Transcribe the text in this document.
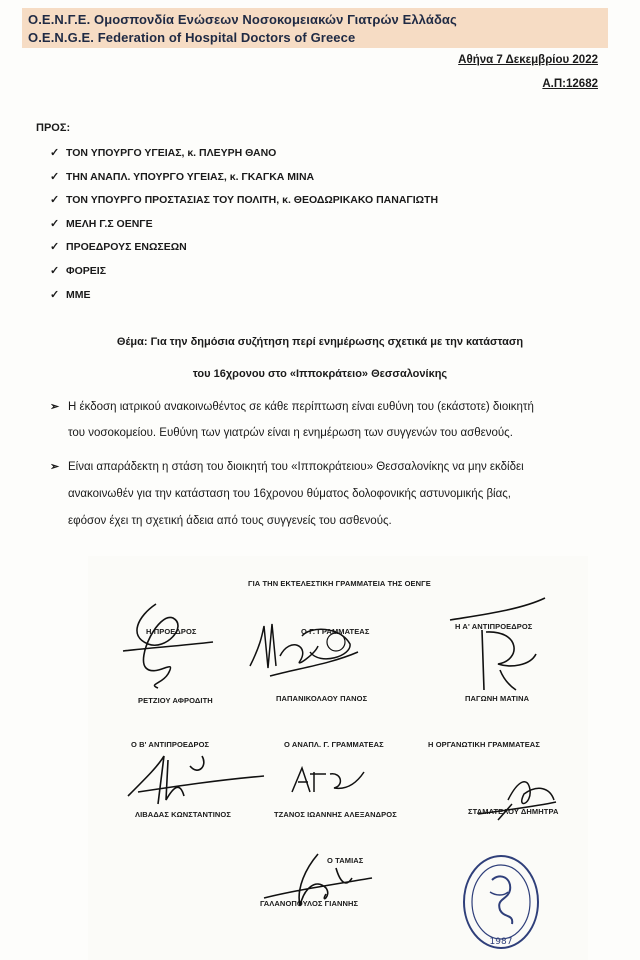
Ο.Ε.Ν.Γ.Ε. Ομοσπονδία Ενώσεων Νοσοκομειακών Γιατρών Ελλάδας
O.E.N.G.E. Federation of Hospital Doctors of Greece
Αθήνα 7 Δεκεμβρίου 2022
Α.Π:12682
ΠΡΟΣ:
✓ ΤΟΝ ΥΠΟΥΡΓΟ ΥΓΕΙΑΣ, κ. ΠΛΕΥΡΗ ΘΑΝΟ
✓ ΤΗΝ ΑΝΑΠΛ. ΥΠΟΥΡΓΟ ΥΓΕΙΑΣ, κ. ΓΚΑΓΚΑ ΜΙΝΑ
✓ ΤΟΝ ΥΠΟΥΡΓΟ ΠΡΟΣΤΑΣΙΑΣ ΤΟΥ ΠΟΛΙΤΗ, κ. ΘΕΟΔΩΡΙΚΑΚΟ ΠΑΝΑΓΙΩΤΗ
✓ ΜΕΛΗ Γ.Σ ΟΕΝΓΕ
✓ ΠΡΟΕΔΡΟΥΣ ΕΝΩΣΕΩΝ
✓ ΦΟΡΕΙΣ
✓ ΜΜΕ
Θέμα: Για την δημόσια συζήτηση περί ενημέρωσης σχετικά με την κατάσταση
του 16χρονου στο «Ιπποκράτειο» Θεσσαλονίκης
➢ Η έκδοση ιατρικού ανακοινωθέντος σε κάθε περίπτωση είναι ευθύνη του (εκάστοτε) διοικητή
του νοσοκομείου. Ευθύνη των γιατρών είναι η ενημέρωση των συγγενών του ασθενούς.
➢ Είναι απαράδεκτη η στάση του διοικητή του «Ιπποκράτειου» Θεσσαλονίκης να μην εκδίδει
ανακοινωθέν για την κατάσταση του 16χρονου θύματος δολοφονικής αστυνομικής βίας,
εφόσον έχει τη σχετική άδεια από τους συγγενείς του ασθενούς.
ΓΙΑ ΤΗΝ ΕΚΤΕΛΕΣΤΙΚΗ ΓΡΑΜΜΑΤΕΙΑ ΤΗΣ ΟΕΝΓΕ
Η ΠΡΟΕΔΡΟΣ	Ο Γ. ΓΡΑΜΜΑΤΕΑΣ
Η Α' ΑΝΤΙΠΡΟΕΔΡΟΣ
ΡΕΤΖΙΟΥ ΑΦΡΟΔΙΤΗ	ΠΑΠΑΝΙΚΟΛΑΟΥ ΠΑΝΟΣ	ΠΑΓΩΝΗ ΜΑΤΙΝΑ
Ο Β' ΑΝΤΙΠΡΟΕΔΡΟΣ	Ο ΑΝΑΠΛ. Γ. ΓΡΑΜΜΑΤΕΑΣ	Η ΟΡΓΑΝΩΤΙΚΗ ΓΡΑΜΜΑΤΕΑΣ
ΛΙΒΑΔΑΣ ΚΩΝΣΤΑΝΤΙΝΟΣ	ΤΖΑΝΟΣ ΙΩΑΝΝΗΣ ΑΛΕΞΑΝΔΡΟΣ	ΣΤΑΜΑΤΕΛΟΥ ΔΗΜΗΤΡΑ
Ο ΤΑΜΙΑΣ
ΓΑΛΑΝΟΠΟΥΛΟΣ ΓΙΑΝΝΗΣ
1987
